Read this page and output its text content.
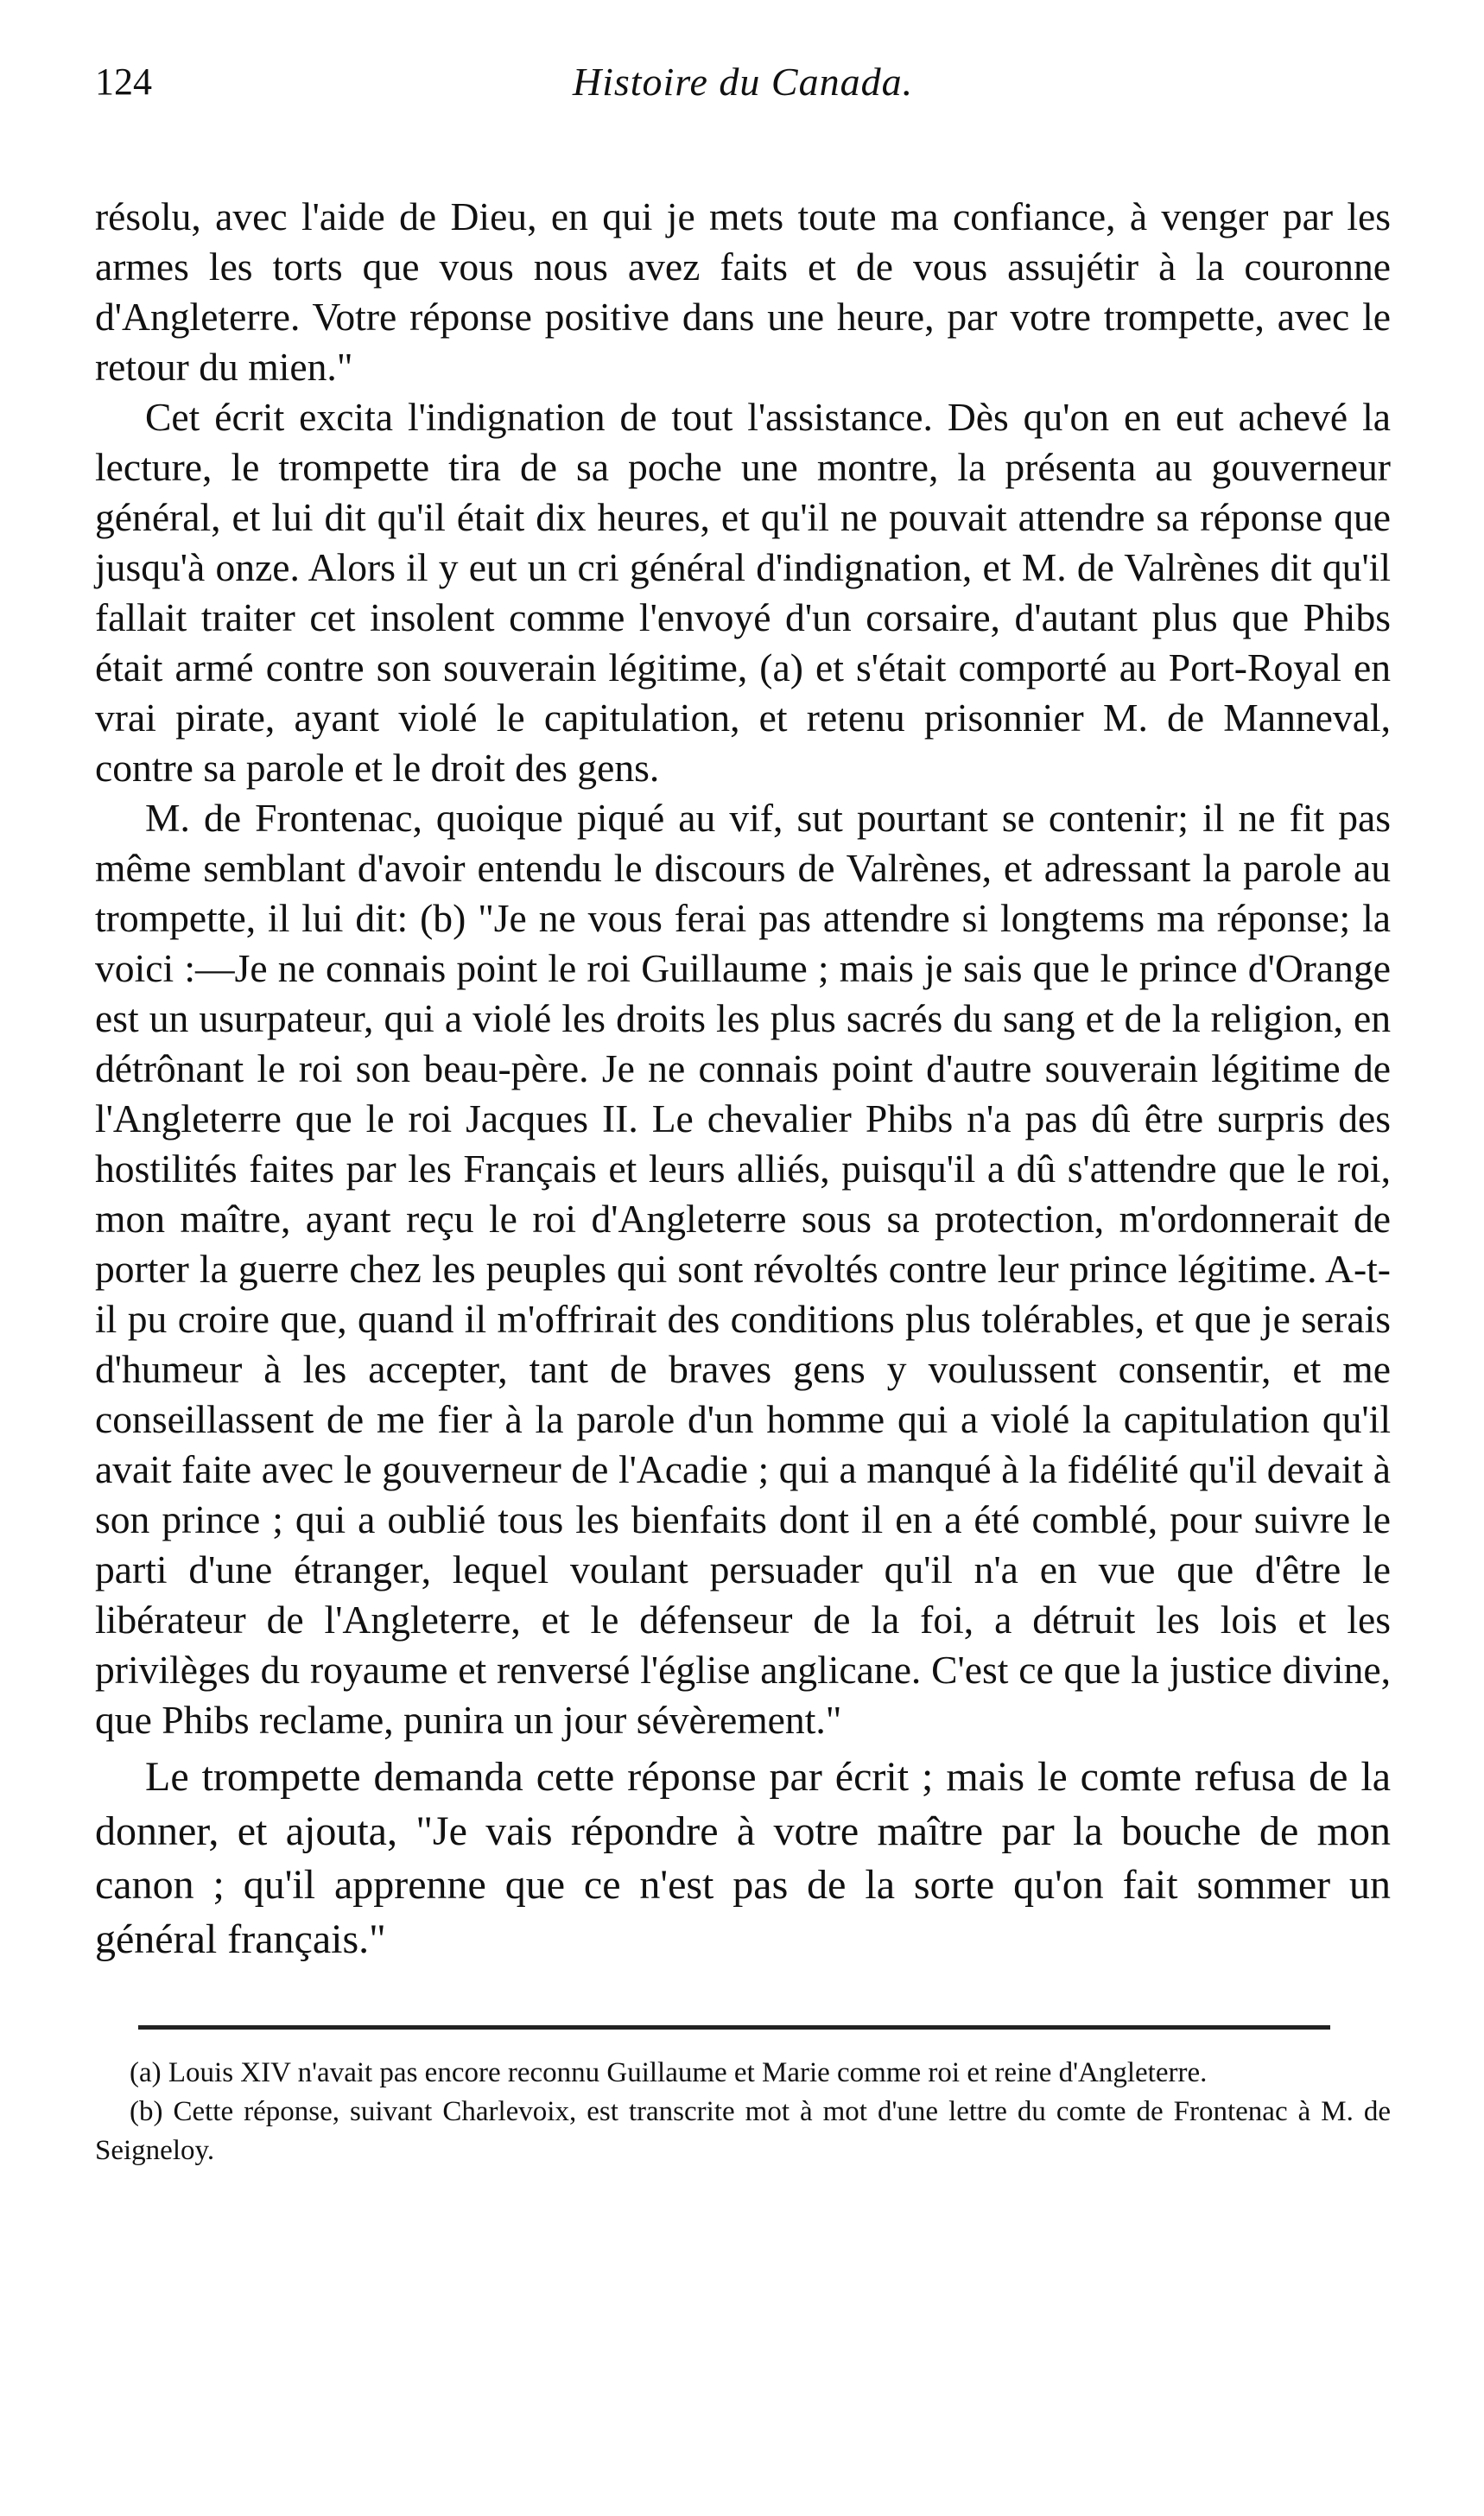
124	Histoire du Canada.

résolu, avec l'aide de Dieu, en qui je mets toute ma confiance, à venger par les armes les torts que vous nous avez faits et de vous assujétir à la couronne d'Angleterre. Votre réponse positive dans une heure, par votre trompette, avec le retour du mien."

Cet écrit excita l'indignation de tout l'assistance. Dès qu'on en eut achevé la lecture, le trompette tira de sa poche une montre, la présenta au gouverneur général, et lui dit qu'il était dix heures, et qu'il ne pouvait attendre sa réponse que jusqu'à onze. Alors il y eut un cri général d'indignation, et M. de Valrènes dit qu'il fallait traiter cet insolent comme l'envoyé d'un corsaire, d'autant plus que Phibs était armé contre son souverain légitime, (a) et s'était comporté au Port-Royal en vrai pirate, ayant violé le capitulation, et retenu prisonnier M. de Manneval, contre sa parole et le droit des gens.

M. de Frontenac, quoique piqué au vif, sut pourtant se contenir; il ne fit pas même semblant d'avoir entendu le discours de Valrènes, et adressant la parole au trompette, il lui dit: (b) "Je ne vous ferai pas attendre si longtems ma réponse; la voici :—Je ne connais point le roi Guillaume ; mais je sais que le prince d'Orange est un usurpateur, qui a violé les droits les plus sacrés du sang et de la religion, en détrônant le roi son beau-père. Je ne connais point d'autre souverain légitime de l'Angleterre que le roi Jacques II. Le chevalier Phibs n'a pas dû être surpris des hostilités faites par les Français et leurs alliés, puisqu'il a dû s'attendre que le roi, mon maître, ayant reçu le roi d'Angleterre sous sa protection, m'ordonnerait de porter la guerre chez les peuples qui sont révoltés contre leur prince légitime. A-t-il pu croire que, quand il m'offrirait des conditions plus tolérables, et que je serais d'humeur à les accepter, tant de braves gens y voulussent consentir, et me conseillassent de me fier à la parole d'un homme qui a violé la capitulation qu'il avait faite avec le gouverneur de l'Acadie ; qui a manqué à la fidélité qu'il devait à son prince ; qui a oublié tous les bienfaits dont il en a été comblé, pour suivre le parti d'une étranger, lequel voulant persuader qu'il n'a en vue que d'être le libérateur de l'Angleterre, et le défenseur de la foi, a détruit les lois et les privilèges du royaume et renversé l'église anglicane. C'est ce que la justice divine, que Phibs reclame, punira un jour sévèrement."

Le trompette demanda cette réponse par écrit ; mais le comte refusa de la donner, et ajouta, "Je vais répondre à votre maître par la bouche de mon canon ; qu'il apprenne que ce n'est pas de la sorte qu'on fait sommer un général français."

(a) Louis XIV n'avait pas encore reconnu Guillaume et Marie comme roi et reine d'Angleterre.

(b) Cette réponse, suivant Charlevoix, est transcrite mot à mot d'une lettre du comte de Frontenac à M. de Seigneloy.
